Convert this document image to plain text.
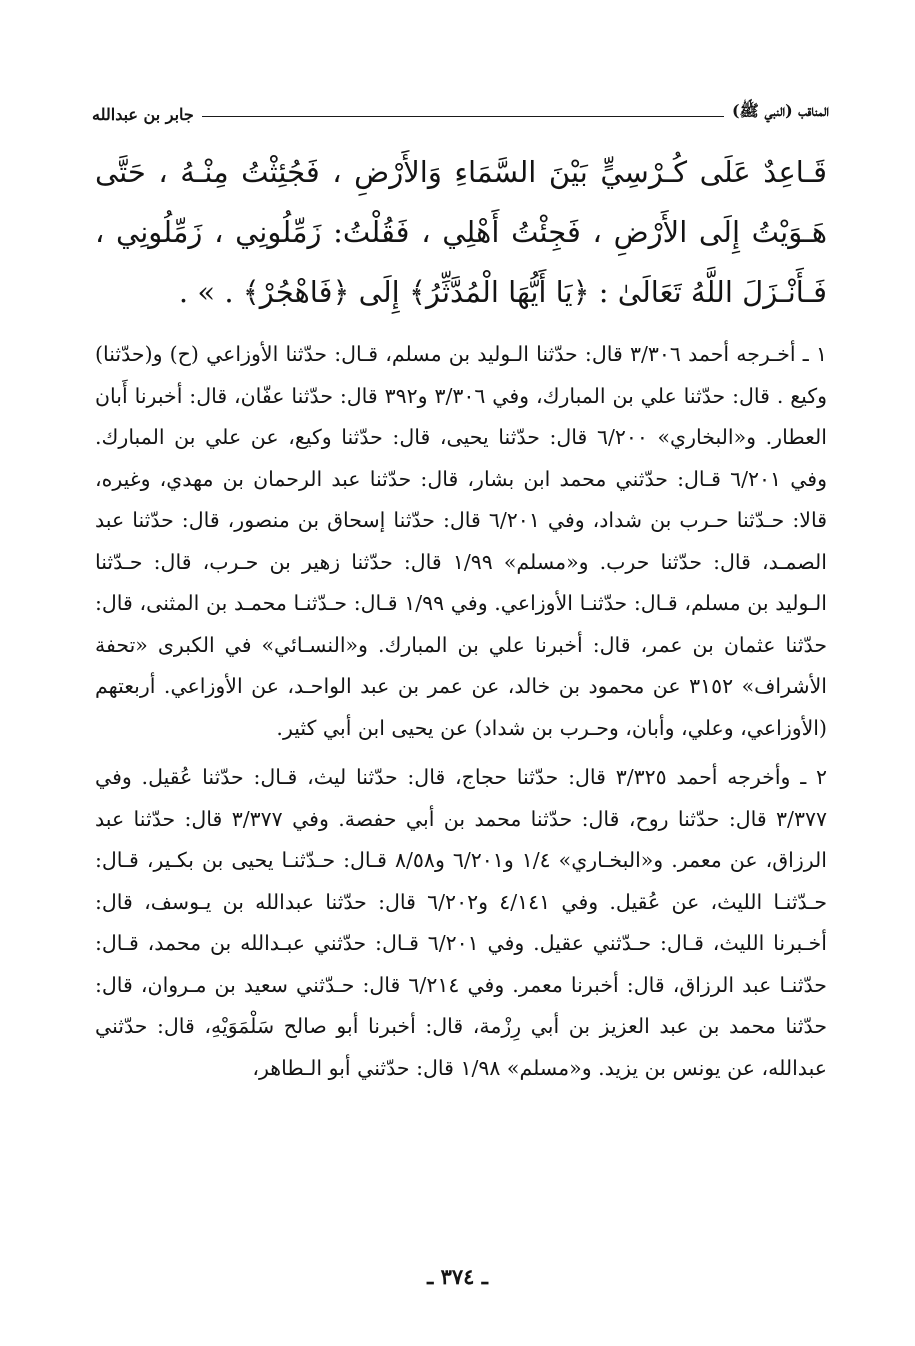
المناقب (النبي ﷺ)
جابر بن عبدالله
قَـاعِدٌ عَلَى كُـرْسِيٍّ بَيْنَ السَّمَاءِ وَالأَرْضِ ، فَجُئِثْتُ مِنْـهُ ، حَتَّى هَـوَيْتُ إِلَى الأَرْضِ ، فَجِئْتُ أَهْلِي ، فَقُلْتُ: زَمِّلُونِي ، زَمِّلُونِي ، فَـأَنْـزَلَ اللَّهُ تَعَالَىٰ : ﴿يَا أَيُّهَا الْمُدَّثِّرُ﴾ إِلَى ﴿فَاهْجُرْ﴾ . » .

١ ـ أخـرجه أحمد ٣/٣٠٦ قال: حدّثنا الـوليد بن مسلم، قـال: حدّثنا الأوزاعي (ح) و(حدّثنا) وكيع . قال: حدّثنا علي بن المبارك، وفي ٣/٣٠٦ و٣٩٢ قال: حدّثنا عفّان، قال: أخبرنا أَبان العطار. و«البخاري» ٦/٢٠٠ قال: حدّثنا يحيى، قال: حدّثنا وكيع، عن علي بن المبارك. وفي ٦/٢٠١ قـال: حدّثني محمد ابن بشار، قال: حدّثنا عبد الرحمان بن مهدي، وغيره، قالا: حـدّثنا حـرب بن شداد، وفي ٦/٢٠١ قال: حدّثنا إسحاق بن منصور، قال: حدّثنا عبد الصمـد، قال: حدّثنا حرب. و«مسلم» ١/٩٩ قال: حدّثنا زهير بن حـرب، قال: حـدّثنا الـوليد بن مسلم، قـال: حدّثنـا الأوزاعي. وفي ١/٩٩ قـال: حـدّثنـا محمـد بن المثنى، قال: حدّثنا عثمان بن عمر، قال: أخبرنا علي بن المبارك. و«النسـائي» في الكبرى «تحفة الأشراف» ٣١٥٢ عن محمود بن خالد، عن عمر بن عبد الواحـد، عن الأوزاعي. أربعتهم (الأوزاعي، وعلي، وأبان، وحـرب بن شداد) عن يحيى ابن أبي كثير.

٢ ـ وأخرجه أحمد ٣/٣٢٥ قال: حدّثنا حجاج، قال: حدّثنا ليث، قـال: حدّثنا عُقيل. وفي ٣/٣٧٧ قال: حدّثنا روح، قال: حدّثنا محمد بن أبي حفصة. وفي ٣/٣٧٧ قال: حدّثنا عبد الرزاق، عن معمر. و«البخـاري» ١/٤ و٦/٢٠١ و٨/٥٨ قـال: حـدّثنـا يحيى بن بكـير، قـال: حـدّثنـا الليث، عن عُقيل. وفي ٤/١٤١ و٦/٢٠٢ قال: حدّثنا عبدالله بن يـوسف، قال: أخـبرنا الليث، قـال: حـدّثني عقيل. وفي ٦/٢٠١ قـال: حدّثني عبـدالله بن محمد، قـال: حدّثنـا عبد الرزاق، قال: أخبرنا معمر. وفي ٦/٢١٤ قال: حـدّثني سعيد بن مـروان، قال: حدّثنا محمد بن عبد العزيز بن أبي رِزْمة، قال: أخبرنا أبو صالح سَلْمَوَيْهِ، قال: حدّثني عبدالله، عن يونس بن يزيد. و«مسلم» ١/٩٨ قال: حدّثني أبو الـطاهر،

ـ ٣٧٤ ـ
